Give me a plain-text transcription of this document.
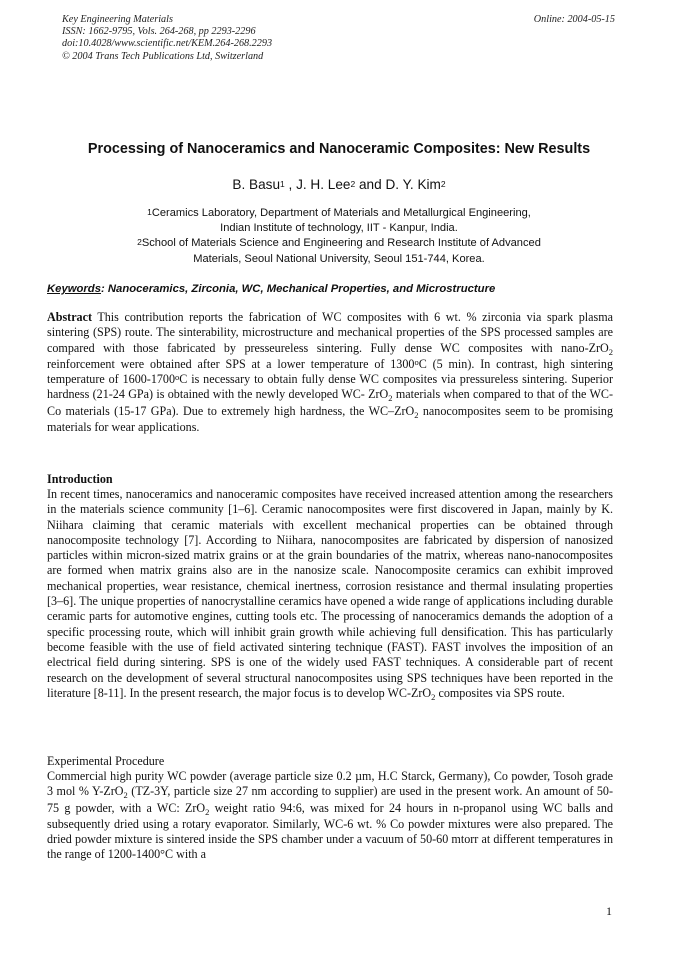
Key Engineering Materials
ISSN: 1662-9795, Vols. 264-268, pp 2293-2296
doi:10.4028/www.scientific.net/KEM.264-268.2293
© 2004 Trans Tech Publications Ltd, Switzerland
Online: 2004-05-15
Processing of Nanoceramics and Nanoceramic Composites: New Results
B. Basu$^1$ , J. H. Lee$^2$ and D. Y. Kim$^2$
$^1$Ceramics Laboratory, Department of Materials and Metallurgical Engineering,
Indian Institute of technology, IIT - Kanpur, India.
$^2$School of Materials Science and Engineering and Research Institute of Advanced
Materials, Seoul National University, Seoul 151-744, Korea.
Keywords: Nanoceramics, Zirconia, WC, Mechanical Properties, and Microstructure
Abstract This contribution reports the fabrication of WC composites with 6 wt. % zirconia via spark plasma sintering (SPS) route. The sinterability, microstructure and mechanical properties of the SPS processed samples are compared with those fabricated by presseureless sintering. Fully dense WC composites with nano-ZrO$_2$ reinforcement were obtained after SPS at a lower temperature of 1300$^o$C (5 min). In contrast, high sintering temperature of 1600-1700$^o$C is necessary to obtain fully dense WC composites via pressureless sintering. Superior hardness (21-24 GPa) is obtained with the newly developed WC- ZrO$_2$ materials when compared to that of the WC-Co materials (15-17 GPa). Due to extremely high hardness, the WC–ZrO$_2$ nanocomposites seem to be promising materials for wear applications.
Introduction
In recent times, nanoceramics and nanoceramic composites have received increased attention among the researchers in the materials science community [1–6]. Ceramic nanocomposites were first discovered in Japan, mainly by K. Niihara claiming that ceramic materials with excellent mechanical properties can be obtained through nanocomposite technology [7]. According to Niihara, nanocomposites are fabricated by dispersion of nanosized particles within micron-sized matrix grains or at the grain boundaries of the matrix, whereas nano-nanocomposites are formed when matrix grains also are in the nanosize scale. Nanocomposite ceramics can exhibit improved mechanical properties, wear resistance, chemical inertness, corrosion resistance and thermal insulating properties [3–6]. The unique properties of nanocrystalline ceramics have opened a wide range of applications including durable ceramic parts for automotive engines, cutting tools etc. The processing of nanoceramics demands the adoption of a specific processing route, which will inhibit grain growth while achieving full densification. This has particularly become feasible with the use of field activated sintering technique (FAST). FAST involves the imposition of an electrical field during sintering. SPS is one of the widely used FAST techniques. A considerable part of recent research on the development of several structural nanocomposites using SPS techniques have been reported in the literature [8-11]. In the present research, the major focus is to develop WC-ZrO$_2$ composites via SPS route.
Experimental Procedure
Commercial high purity WC powder (average particle size 0.2 µm, H.C Starck, Germany), Co powder, Tosoh grade 3 mol % Y-ZrO$_2$ (TZ-3Y, particle size 27 nm according to supplier) are used in the present work. An amount of 50-75 g powder, with a WC: ZrO$_2$ weight ratio 94:6, was mixed for 24 hours in n-propanol using WC balls and subsequently dried using a rotary evaporator. Similarly, WC-6 wt. % Co powder mixtures were also prepared. The dried powder mixture is sintered inside the SPS chamber under a vacuum of 50-60 mtorr at different temperatures in the range of 1200-1400°C with a
1
